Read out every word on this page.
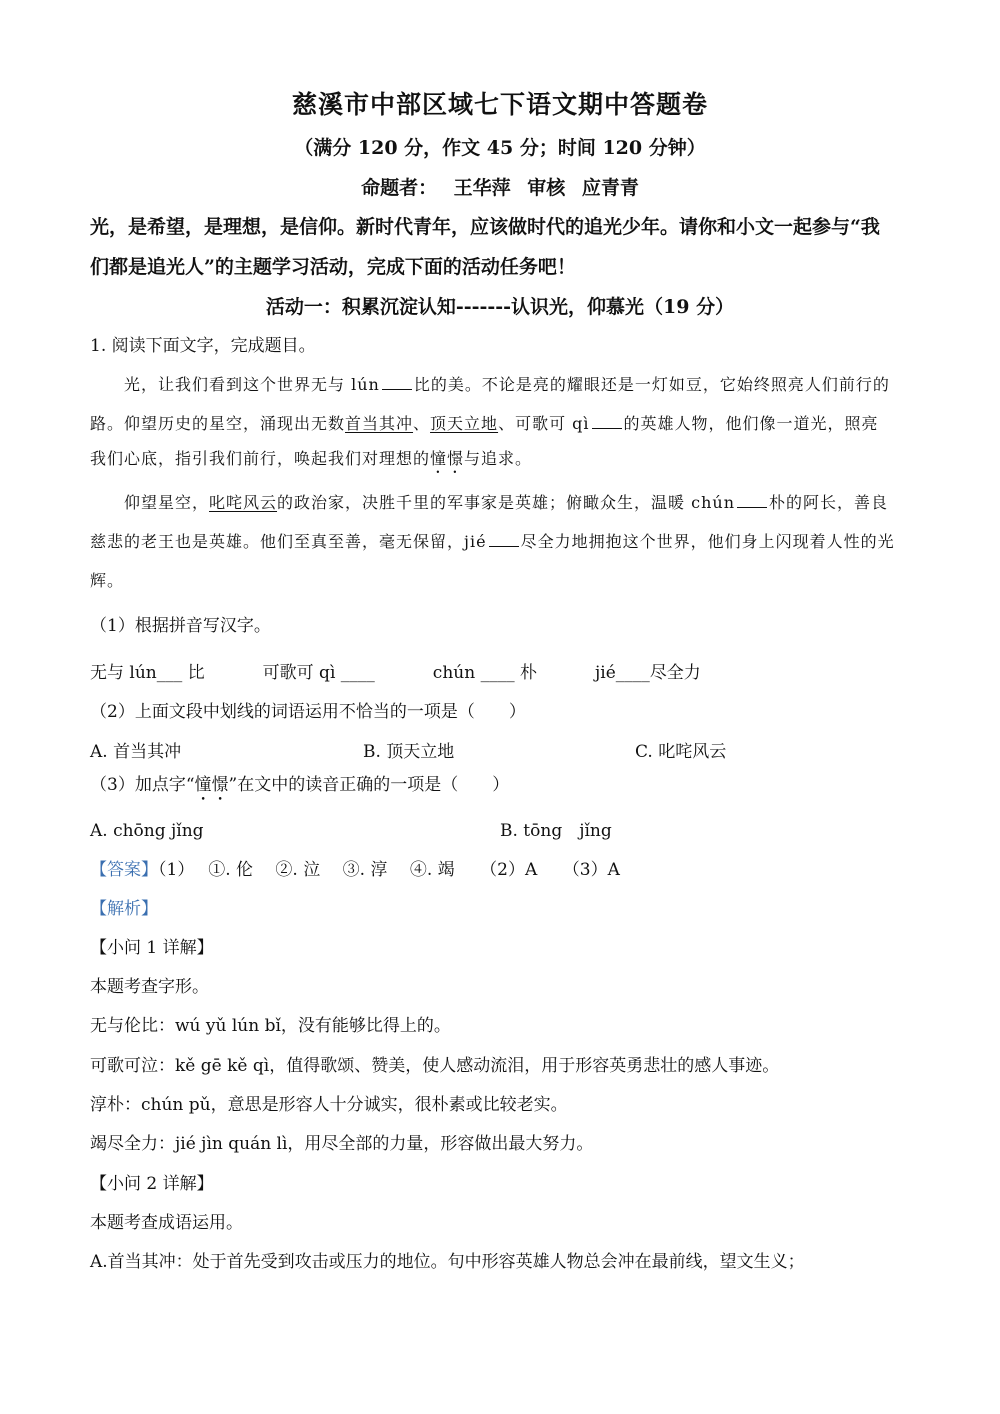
慈溪市中部区域七下语文期中答题卷
（满分 120 分，作文 45 分；时间 120 分钟）
命题者： 王华萍 审核 应青青
光，是希望，是理想，是信仰。新时代青年，应该做时代的追光少年。请你和小文一起参与“我
们都是追光人”的主题学习活动，完成下面的活动任务吧！
活动一：积累沉淀认知-------认识光，仰慕光（19 分）
1. 阅读下面文字，完成题目。
光，让我们看到这个世界无与 lún 比的美。不论是亮的耀眼还是一灯如豆，它始终照亮人们前行的
路。仰望历史的星空，涌现出无数首当其冲、顶天立地、可歌可 qì 的英雄人物，他们像一道光，照亮
我们心底，指引我们前行，唤起我们对理想的憧憬与追求。
仰望星空，叱咤风云的政治家，决胜千里的军事家是英雄；俯瞰众生，温暖 chún 朴的阿长，善良
慈悲的老王也是英雄。他们至真至善，毫无保留，jié 尽全力地拥抱这个世界，他们身上闪现着人性的光
辉。
（1）根据拼音写汉字。
无与 lún___ 比	可歌可 qì ____	chún ____ 朴	jié____尽全力
（2）上面文段中划线的词语运用不恰当的一项是（　　）
A. 首当其冲	B. 顶天立地	C. 叱咤风云
（3）加点字“憧憬”在文中的读音正确的一项是（　　）
A. chōng jǐng	B. tōng　jǐng
【答案】（1）　 ①. 伦　 ②. 泣　 ③. 淳　 ④. 竭　　（2）A　　（3）A
【解析】
【小问 1 详解】
本题考查字形。
无与伦比：wú yǔ lún bǐ，没有能够比得上的。
可歌可泣：kě gē kě qì，值得歌颂、赞美，使人感动流泪，用于形容英勇悲壮的感人事迹。
淳朴：chún pǔ，意思是形容人十分诚实，很朴素或比较老实。
竭尽全力：jié jìn quán lì，用尽全部的力量，形容做出最大努力。
【小问 2 详解】
本题考查成语运用。
A.首当其冲：处于首先受到攻击或压力的地位。句中形容英雄人物总会冲在最前线，望文生义；
